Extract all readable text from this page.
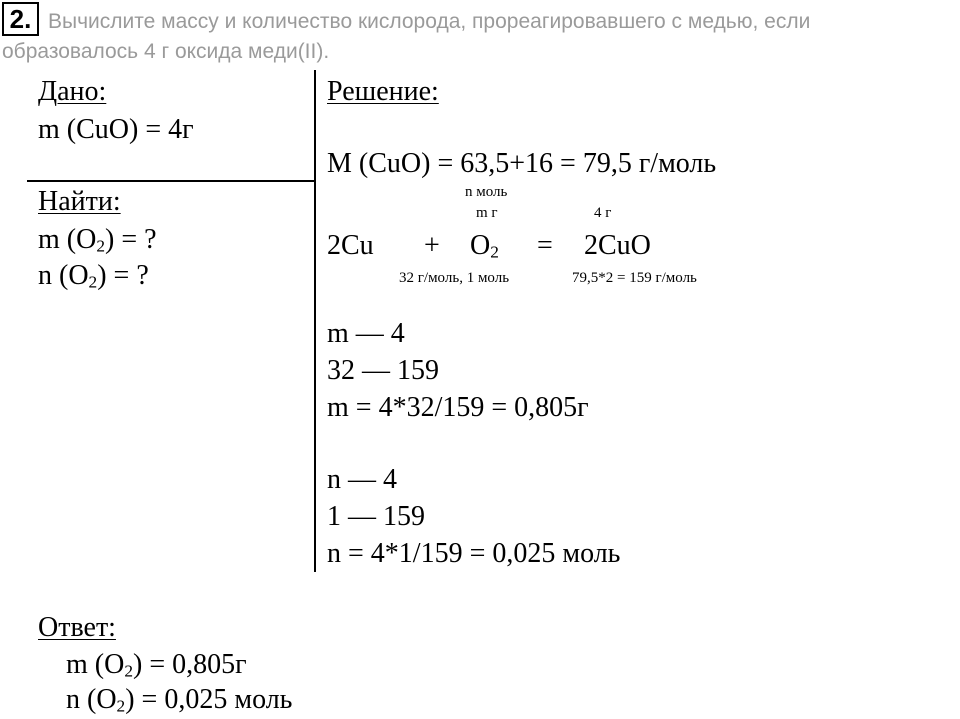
2. Вычислите массу и количество кислорода, прореагировавшего с медью, если
образовалось 4 г оксида меди(II).
Дано:
m (CuO) = 4г
Найти:
m $(O_2)$ = ?
n $(O_2)$ = ?
Решение:
M (CuO) = 63,5+16 = 79,5 г/моль
n моль
m г	4 г
$2Cu + O_2 = 2CuO$
32 г/моль, 1 моль	79,5*2 = 159 г/моль
m — 4
32 — 159
m = 4*32/159 = 0,805г
n — 4
1 — 159
n = 4*1/159 = 0,025 моль
Ответ:
m $(O_2) = 0,805г$
n $(O_2) = 0,025$ моль
